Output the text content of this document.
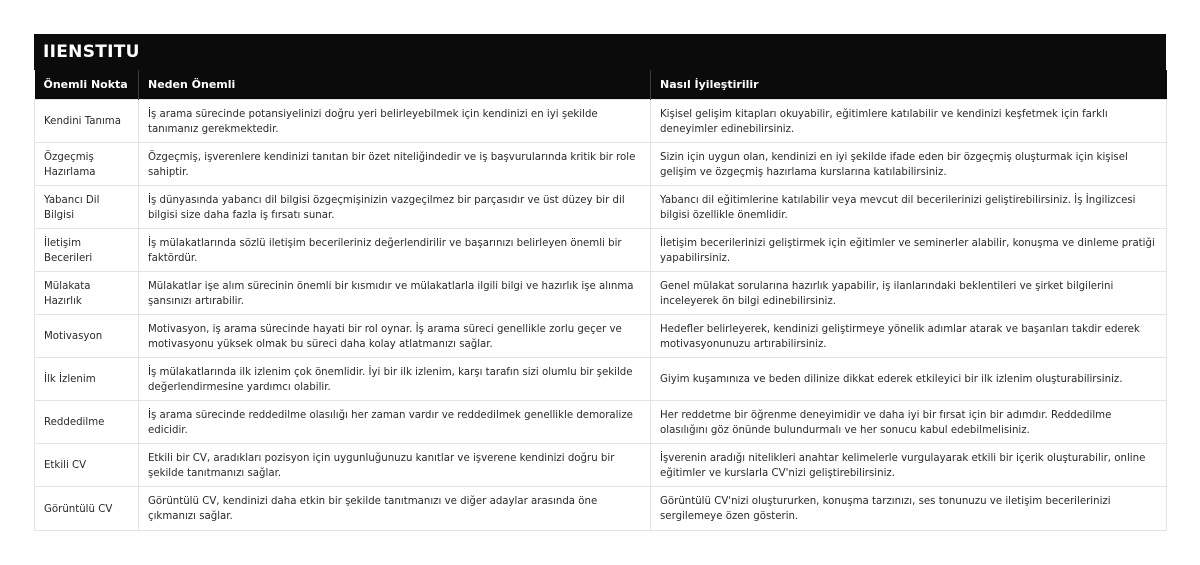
IIENSTITU
Önemli Nokta	Neden Önemli	Nasıl İyileştirilir
Kendini Tanıma	İş arama sürecinde potansiyelinizi doğru yeri belirleyebilmek için kendinizi en iyi şekilde tanımanız gerekmektedir.	Kişisel gelişim kitapları okuyabilir, eğitimlere katılabilir ve kendinizi keşfetmek için farklı deneyimler edinebilirsiniz.
Özgeçmiş Hazırlama	Özgeçmiş, işverenlere kendinizi tanıtan bir özet niteliğindedir ve iş başvurularında kritik bir role sahiptir.	Sizin için uygun olan, kendinizi en iyi şekilde ifade eden bir özgeçmiş oluşturmak için kişisel gelişim ve özgeçmiş hazırlama kurslarına katılabilirsiniz.
Yabancı Dil Bilgisi	İş dünyasında yabancı dil bilgisi özgeçmişinizin vazgeçilmez bir parçasıdır ve üst düzey bir dil bilgisi size daha fazla iş fırsatı sunar.	Yabancı dil eğitimlerine katılabilir veya mevcut dil becerilerinizi geliştirebilirsiniz. İş İngilizcesi bilgisi özellikle önemlidir.
İletişim Becerileri	İş mülakatlarında sözlü iletişim becerileriniz değerlendirilir ve başarınızı belirleyen önemli bir faktördür.	İletişim becerilerinizi geliştirmek için eğitimler ve seminerler alabilir, konuşma ve dinleme pratiği yapabilirsiniz.
Mülakata Hazırlık	Mülakatlar işe alım sürecinin önemli bir kısmıdır ve mülakatlarla ilgili bilgi ve hazırlık işe alınma şansınızı artırabilir.	Genel mülakat sorularına hazırlık yapabilir, iş ilanlarındaki beklentileri ve şirket bilgilerini inceleyerek ön bilgi edinebilirsiniz.
Motivasyon	Motivasyon, iş arama sürecinde hayati bir rol oynar. İş arama süreci genellikle zorlu geçer ve motivasyonu yüksek olmak bu süreci daha kolay atlatmanızı sağlar.	Hedefler belirleyerek, kendinizi geliştirmeye yönelik adımlar atarak ve başarıları takdir ederek motivasyonunuzu artırabilirsiniz.
İlk İzlenim	İş mülakatlarında ilk izlenim çok önemlidir. İyi bir ilk izlenim, karşı tarafın sizi olumlu bir şekilde değerlendirmesine yardımcı olabilir.	Giyim kuşamınıza ve beden dilinize dikkat ederek etkileyici bir ilk izlenim oluşturabilirsiniz.
Reddedilme	İş arama sürecinde reddedilme olasılığı her zaman vardır ve reddedilmek genellikle demoralize edicidir.	Her reddetme bir öğrenme deneyimidir ve daha iyi bir fırsat için bir adımdır. Reddedilme olasılığını göz önünde bulundurmalı ve her sonucu kabul edebilmelisiniz.
Etkili CV	Etkili bir CV, aradıkları pozisyon için uygunluğunuzu kanıtlar ve işverene kendinizi doğru bir şekilde tanıtmanızı sağlar.	İşverenin aradığı nitelikleri anahtar kelimelerle vurgulayarak etkili bir içerik oluşturabilir, online eğitimler ve kurslarla CV'nizi geliştirebilirsiniz.
Görüntülü CV	Görüntülü CV, kendinizi daha etkin bir şekilde tanıtmanızı ve diğer adaylar arasında öne çıkmanızı sağlar.	Görüntülü CV'nizi oluştururken, konuşma tarzınızı, ses tonunuzu ve iletişim becerilerinizi sergilemeye özen gösterin.
